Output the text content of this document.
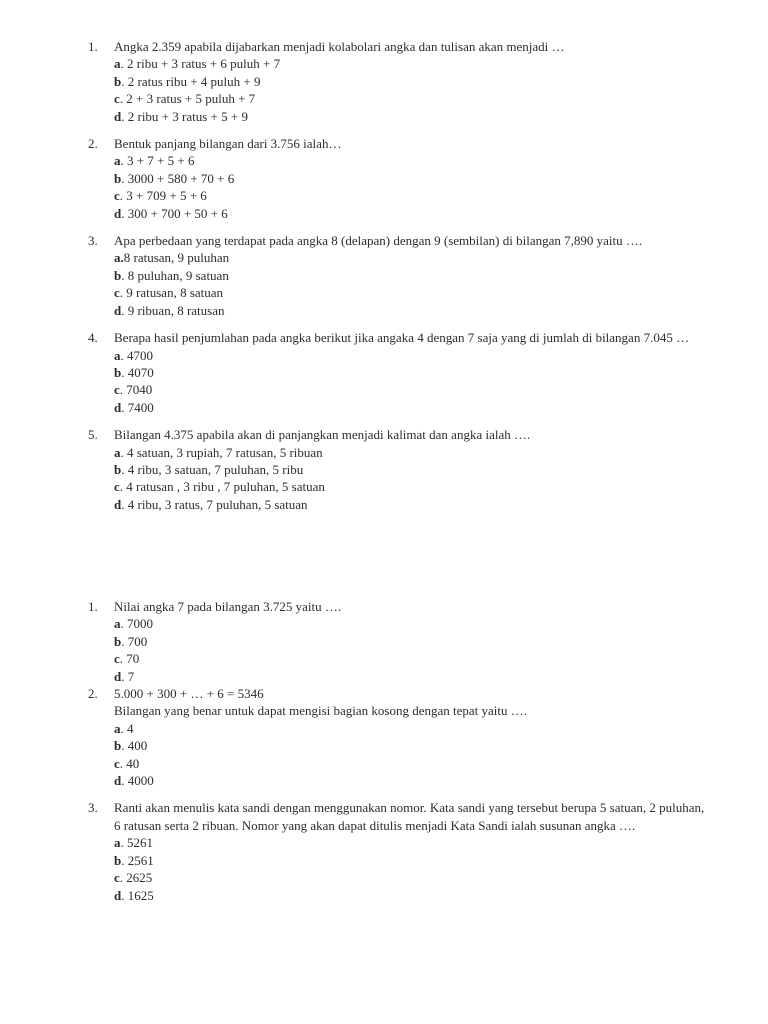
1. Angka 2.359 apabila dijabarkan menjadi kolabolari angka dan tulisan akan menjadi …
a. 2 ribu + 3 ratus + 6 puluh + 7
b. 2 ratus ribu + 4 puluh + 9
c. 2 + 3 ratus + 5 puluh + 7
d. 2 ribu + 3 ratus + 5 + 9
2. Bentuk panjang bilangan dari 3.756 ialah…
a. 3 + 7 + 5 + 6
b. 3000 + 580 + 70 + 6
c. 3 + 709 + 5 + 6
d. 300 + 700 + 50 + 6
3. Apa perbedaan yang terdapat pada angka 8 (delapan) dengan 9 (sembilan) di bilangan 7,890 yaitu ….
a.8 ratusan, 9 puluhan
b. 8 puluhan, 9 satuan
c. 9 ratusan, 8 satuan
d. 9 ribuan, 8 ratusan
4. Berapa hasil penjumlahan pada angka berikut jika angaka 4 dengan 7 saja yang di jumlah di bilangan 7.045 …
a. 4700
b. 4070
c. 7040
d. 7400
5. Bilangan 4.375 apabila akan di panjangkan menjadi kalimat dan angka ialah ….
a. 4 satuan, 3 rupiah, 7 ratusan, 5 ribuan
b. 4 ribu, 3 satuan, 7 puluhan, 5 ribu
c. 4 ratusan , 3 ribu , 7 puluhan, 5 satuan
d. 4 ribu, 3 ratus, 7 puluhan, 5 satuan
1. Nilai angka 7 pada bilangan 3.725 yaitu ….
a. 7000
b. 700
c. 70
d. 7
2. 5.000 + 300 + … + 6 = 5346
Bilangan yang benar untuk dapat mengisi bagian kosong dengan tepat yaitu ….
a. 4
b. 400
c. 40
d. 4000
3. Ranti akan menulis kata sandi dengan menggunakan nomor. Kata sandi yang tersebut berupa 5 satuan, 2 puluhan, 6 ratusan serta 2 ribuan. Nomor yang akan dapat ditulis menjadi Kata Sandi ialah susunan angka ….
a. 5261
b. 2561
c. 2625
d. 1625
